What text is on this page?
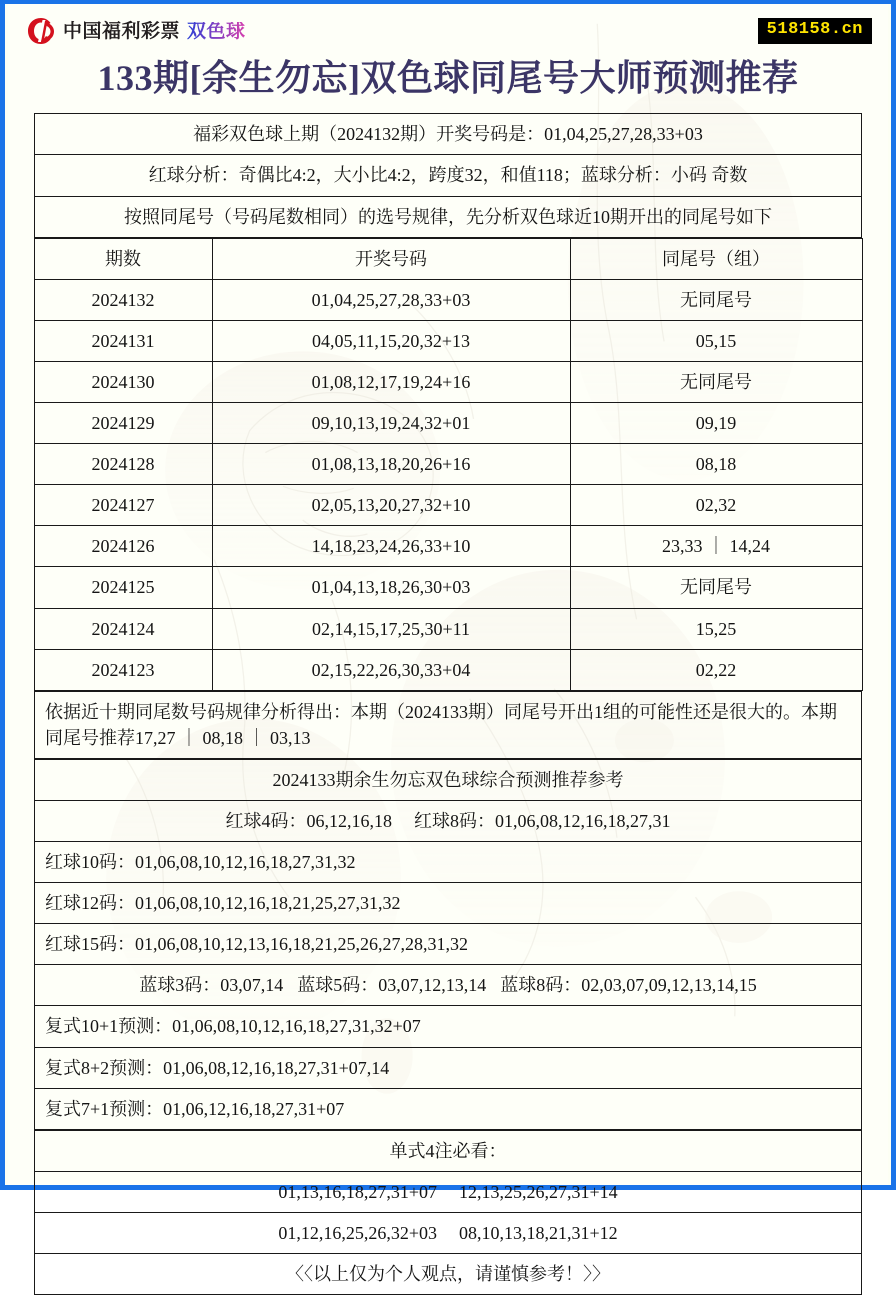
中国福利彩票 双色球	518158.cn
133期[余生勿忘]双色球同尾号大师预测推荐
福彩双色球上期（2024132期）开奖号码是：01,04,25,27,28,33+03
红球分析：奇偶比4:2，大小比4:2，跨度32，和值118；蓝球分析：小码 奇数
按照同尾号（号码尾数相同）的选号规律，先分析双色球近10期开出的同尾号如下
期数	开奖号码	同尾号（组）
2024132	01,04,25,27,28,33+03	无同尾号
2024131	04,05,11,15,20,32+13	05,15
2024130	01,08,12,17,19,24+16	无同尾号
2024129	09,10,13,19,24,32+01	09,19
2024128	01,08,13,18,20,26+16	08,18
2024127	02,05,13,20,27,32+10	02,32
2024126	14,18,23,24,26,33+10	23,33 ｜ 14,24
2024125	01,04,13,18,26,30+03	无同尾号
2024124	02,14,15,17,25,30+11	15,25
2024123	02,15,22,26,30,33+04	02,22
依据近十期同尾数号码规律分析得出：本期（2024133期）同尾号开出1组的可能性还是很大的。本期同尾号推荐17,27 ｜ 08,18 ｜ 03,13
2024133期余生勿忘双色球综合预测推荐参考
红球4码：06,12,16,18 红球8码：01,06,08,12,16,18,27,31
红球10码：01,06,08,10,12,16,18,27,31,32
红球12码：01,06,08,10,12,16,18,21,25,27,31,32
红球15码：01,06,08,10,12,13,16,18,21,25,26,27,28,31,32
蓝球3码：03,07,14 蓝球5码：03,07,12,13,14 蓝球8码：02,03,07,09,12,13,14,15
复式10+1预测：01,06,08,10,12,16,18,27,31,32+07
复式8+2预测：01,06,08,12,16,18,27,31+07,14
复式7+1预测：01,06,12,16,18,27,31+07
单式4注必看：
01,13,16,18,27,31+07 12,13,25,26,27,31+14
01,12,16,25,26,32+03 08,10,13,18,21,31+12
〈〈以上仅为个人观点，请谨慎参考！〉〉
